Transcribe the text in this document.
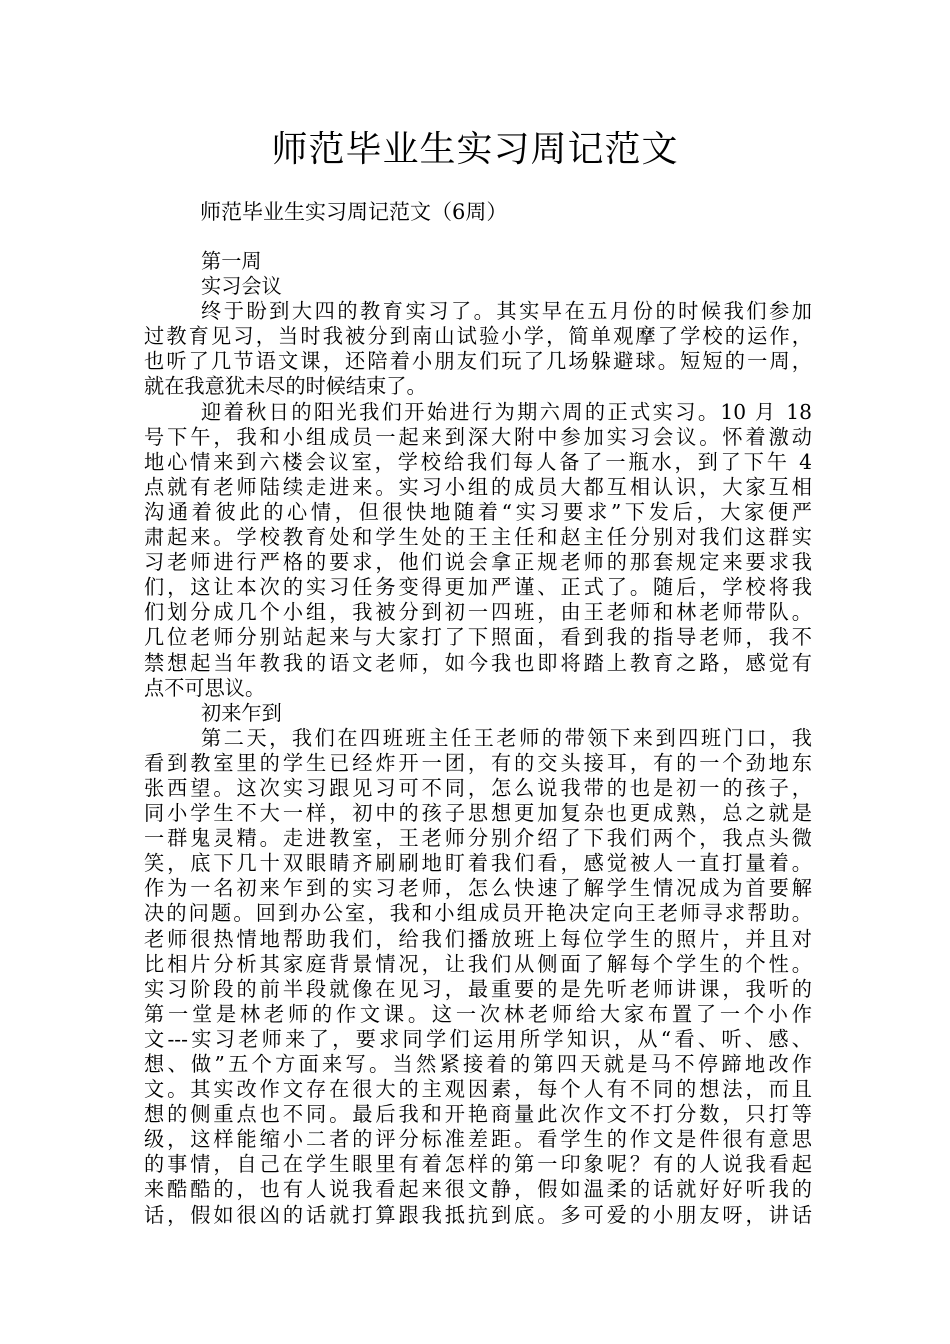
师范毕业生实习周记范文

师范毕业生实习周记范文（6周）

第一周
实习会议
终于盼到大四的教育实习了。其实早在五月份的时候我们参加
过教育见习，当时我被分到南山试验小学，简单观摩了学校的运作，
也听了几节语文课，还陪着小朋友们玩了几场躲避球。短短的一周，
就在我意犹未尽的时候结束了。
迎着秋日的阳光我们开始进行为期六周的正式实习。10 月 18
号下午，我和小组成员一起来到深大附中参加实习会议。怀着激动
地心情来到六楼会议室，学校给我们每人备了一瓶水，到了下午 4
点就有老师陆续走进来。实习小组的成员大都互相认识，大家互相
沟通着彼此的心情，但很快地随着“实习要求”下发后，大家便严
肃起来。学校教育处和学生处的王主任和赵主任分别对我们这群实
习老师进行严格的要求，他们说会拿正规老师的那套规定来要求我
们，这让本次的实习任务变得更加严谨、正式了。随后，学校将我
们划分成几个小组，我被分到初一四班，由王老师和林老师带队。
几位老师分别站起来与大家打了下照面，看到我的指导老师，我不
禁想起当年教我的语文老师，如今我也即将踏上教育之路，感觉有
点不可思议。
初来乍到
第二天，我们在四班班主任王老师的带领下来到四班门口，我
看到教室里的学生已经炸开一团，有的交头接耳，有的一个劲地东
张西望。这次实习跟见习可不同，怎么说我带的也是初一的孩子，
同小学生不大一样，初中的孩子思想更加复杂也更成熟，总之就是
一群鬼灵精。走进教室，王老师分别介绍了下我们两个，我点头微
笑，底下几十双眼睛齐刷刷地盯着我们看，感觉被人一直打量着。
作为一名初来乍到的实习老师，怎么快速了解学生情况成为首要解
决的问题。回到办公室，我和小组成员开艳决定向王老师寻求帮助。
老师很热情地帮助我们，给我们播放班上每位学生的照片，并且对
比相片分析其家庭背景情况，让我们从侧面了解每个学生的个性。
实习阶段的前半段就像在见习，最重要的是先听老师讲课，我听的
第一堂是林老师的作文课。这一次林老师给大家布置了一个小作
文---实习老师来了，要求同学们运用所学知识，从“看、听、感、
想、做”五个方面来写。当然紧接着的第四天就是马不停蹄地改作
文。其实改作文存在很大的主观因素，每个人有不同的想法，而且
想的侧重点也不同。最后我和开艳商量此次作文不打分数，只打等
级，这样能缩小二者的评分标准差距。看学生的作文是件很有意思
的事情，自己在学生眼里有着怎样的第一印象呢？有的人说我看起
来酷酷的，也有人说我看起来很文静，假如温柔的话就好好听我的
话，假如很凶的话就打算跟我抵抗到底。多可爱的小朋友呀，讲话
